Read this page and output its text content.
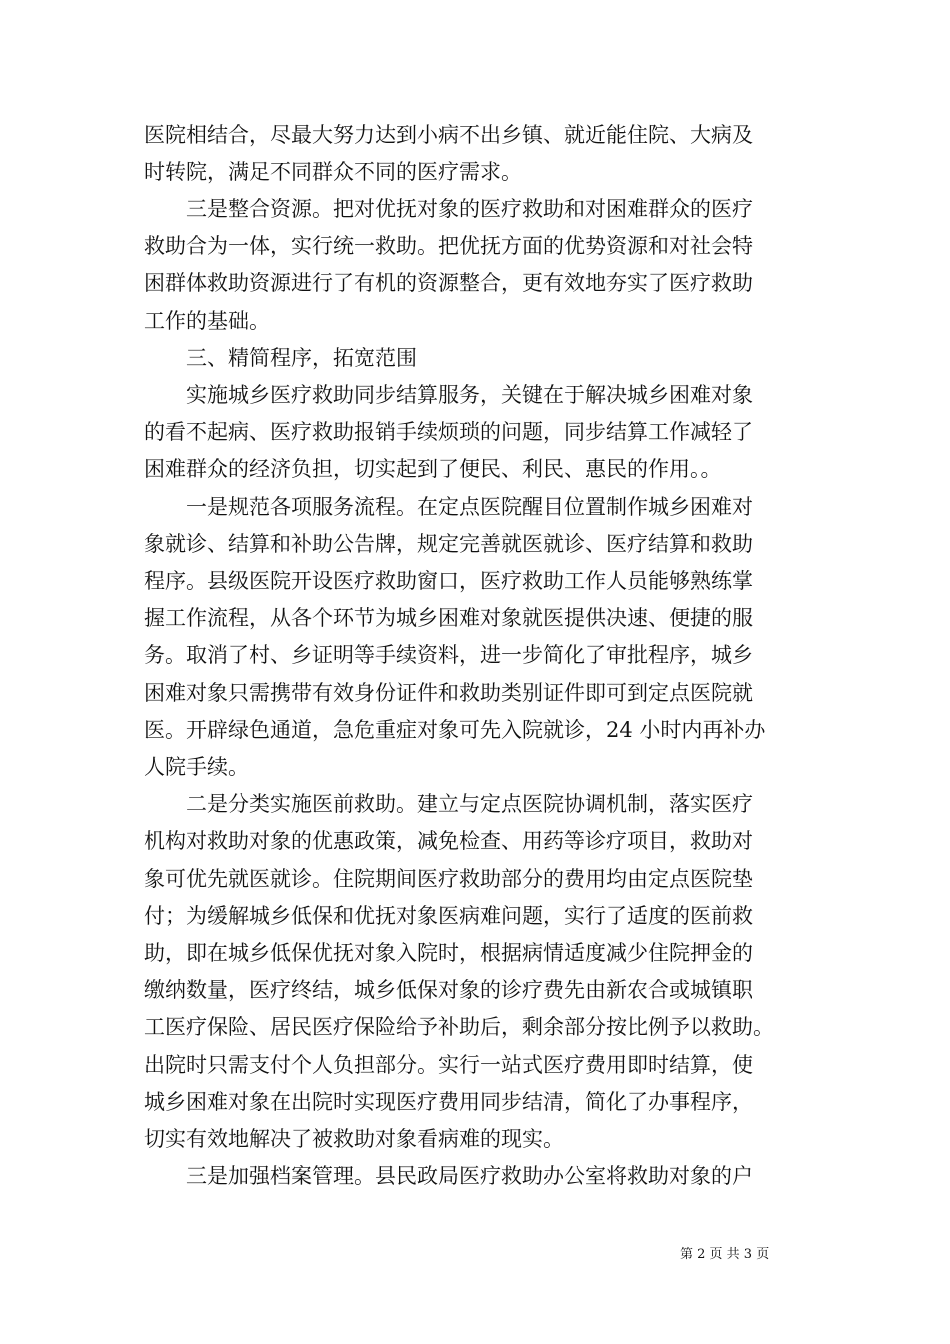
医院相结合，尽最大努力达到小病不出乡镇、就近能住院、大病及
时转院，满足不同群众不同的医疗需求。
　　三是整合资源。把对优抚对象的医疗救助和对困难群众的医疗
救助合为一体，实行统一救助。把优抚方面的优势资源和对社会特
困群体救助资源进行了有机的资源整合，更有效地夯实了医疗救助
工作的基础。
　　三、精简程序，拓宽范围
　　实施城乡医疗救助同步结算服务，关键在于解决城乡困难对象
的看不起病、医疗救助报销手续烦琐的问题，同步结算工作减轻了
困难群众的经济负担，切实起到了便民、利民、惠民的作用。。
　　一是规范各项服务流程。在定点医院醒目位置制作城乡困难对
象就诊、结算和补助公告牌，规定完善就医就诊、医疗结算和救助
程序。县级医院开设医疗救助窗口，医疗救助工作人员能够熟练掌
握工作流程，从各个环节为城乡困难对象就医提供决速、便捷的服
务。取消了村、乡证明等手续资料，进一步简化了审批程序，城乡
困难对象只需携带有效身份证件和救助类别证件即可到定点医院就
医。开辟绿色通道，急危重症对象可先入院就诊，24 小时内再补办
人院手续。
　　二是分类实施医前救助。建立与定点医院协调机制，落实医疗
机构对救助对象的优惠政策，减免检查、用药等诊疗项目，救助对
象可优先就医就诊。住院期间医疗救助部分的费用均由定点医院垫
付；为缓解城乡低保和优抚对象医病难问题，实行了适度的医前救
助，即在城乡低保优抚对象入院时，根据病情适度减少住院押金的
缴纳数量，医疗终结，城乡低保对象的诊疗费先由新农合或城镇职
工医疗保险、居民医疗保险给予补助后，剩余部分按比例予以救助。
出院时只需支付个人负担部分。实行一站式医疗费用即时结算，使
城乡困难对象在出院时实现医疗费用同步结清，简化了办事程序，
切实有效地解决了被救助对象看病难的现实。
　　三是加强档案管理。县民政局医疗救助办公室将救助对象的户
第 2 页 共 3 页
